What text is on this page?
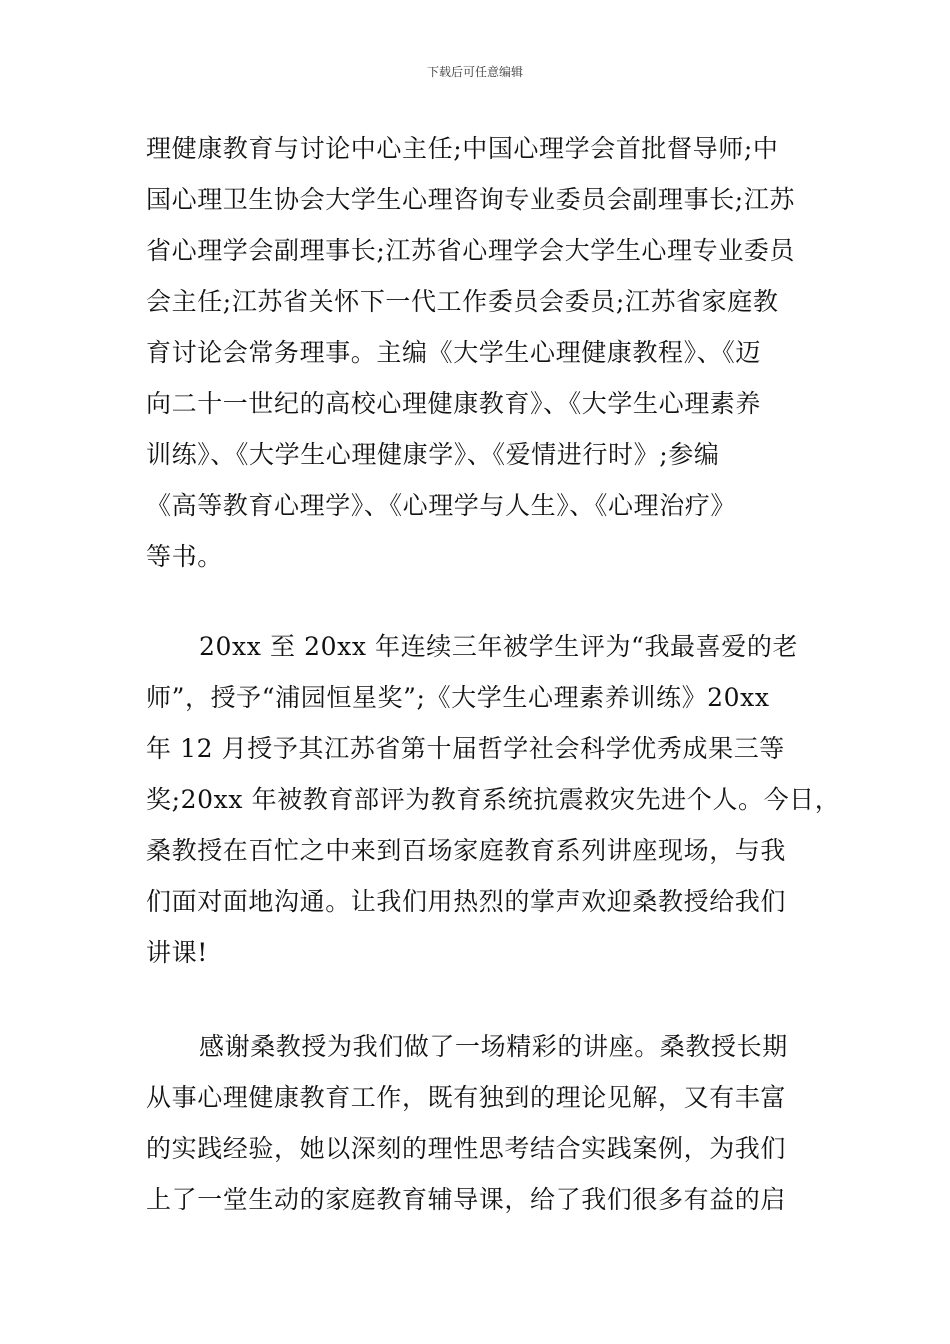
下载后可任意编辑
理健康教育与讨论中心主任;中国心理学会首批督导师;中
国心理卫生协会大学生心理咨询专业委员会副理事长;江苏
省心理学会副理事长;江苏省心理学会大学生心理专业委员
会主任;江苏省关怀下一代工作委员会委员;江苏省家庭教
育讨论会常务理事。主编《大学生心理健康教程》、《迈
向二十一世纪的高校心理健康教育》、《大学生心理素养
训练》、《大学生心理健康学》、《爱情进行时》;参编
《高等教育心理学》、《心理学与人生》、《心理治疗》
等书。
20xx 至 20xx 年连续三年被学生评为“我最喜爱的老
师”，授予“浦园恒星奖”;《大学生心理素养训练》20xx
年 12 月授予其江苏省第十届哲学社会科学优秀成果三等
奖;20xx 年被教育部评为教育系统抗震救灾先进个人。今日，
桑教授在百忙之中来到百场家庭教育系列讲座现场，与我
们面对面地沟通。让我们用热烈的掌声欢迎桑教授给我们
讲课!
感谢桑教授为我们做了一场精彩的讲座。桑教授长期
从事心理健康教育工作，既有独到的理论见解，又有丰富
的实践经验，她以深刻的理性思考结合实践案例，为我们
上了一堂生动的家庭教育辅导课，给了我们很多有益的启
